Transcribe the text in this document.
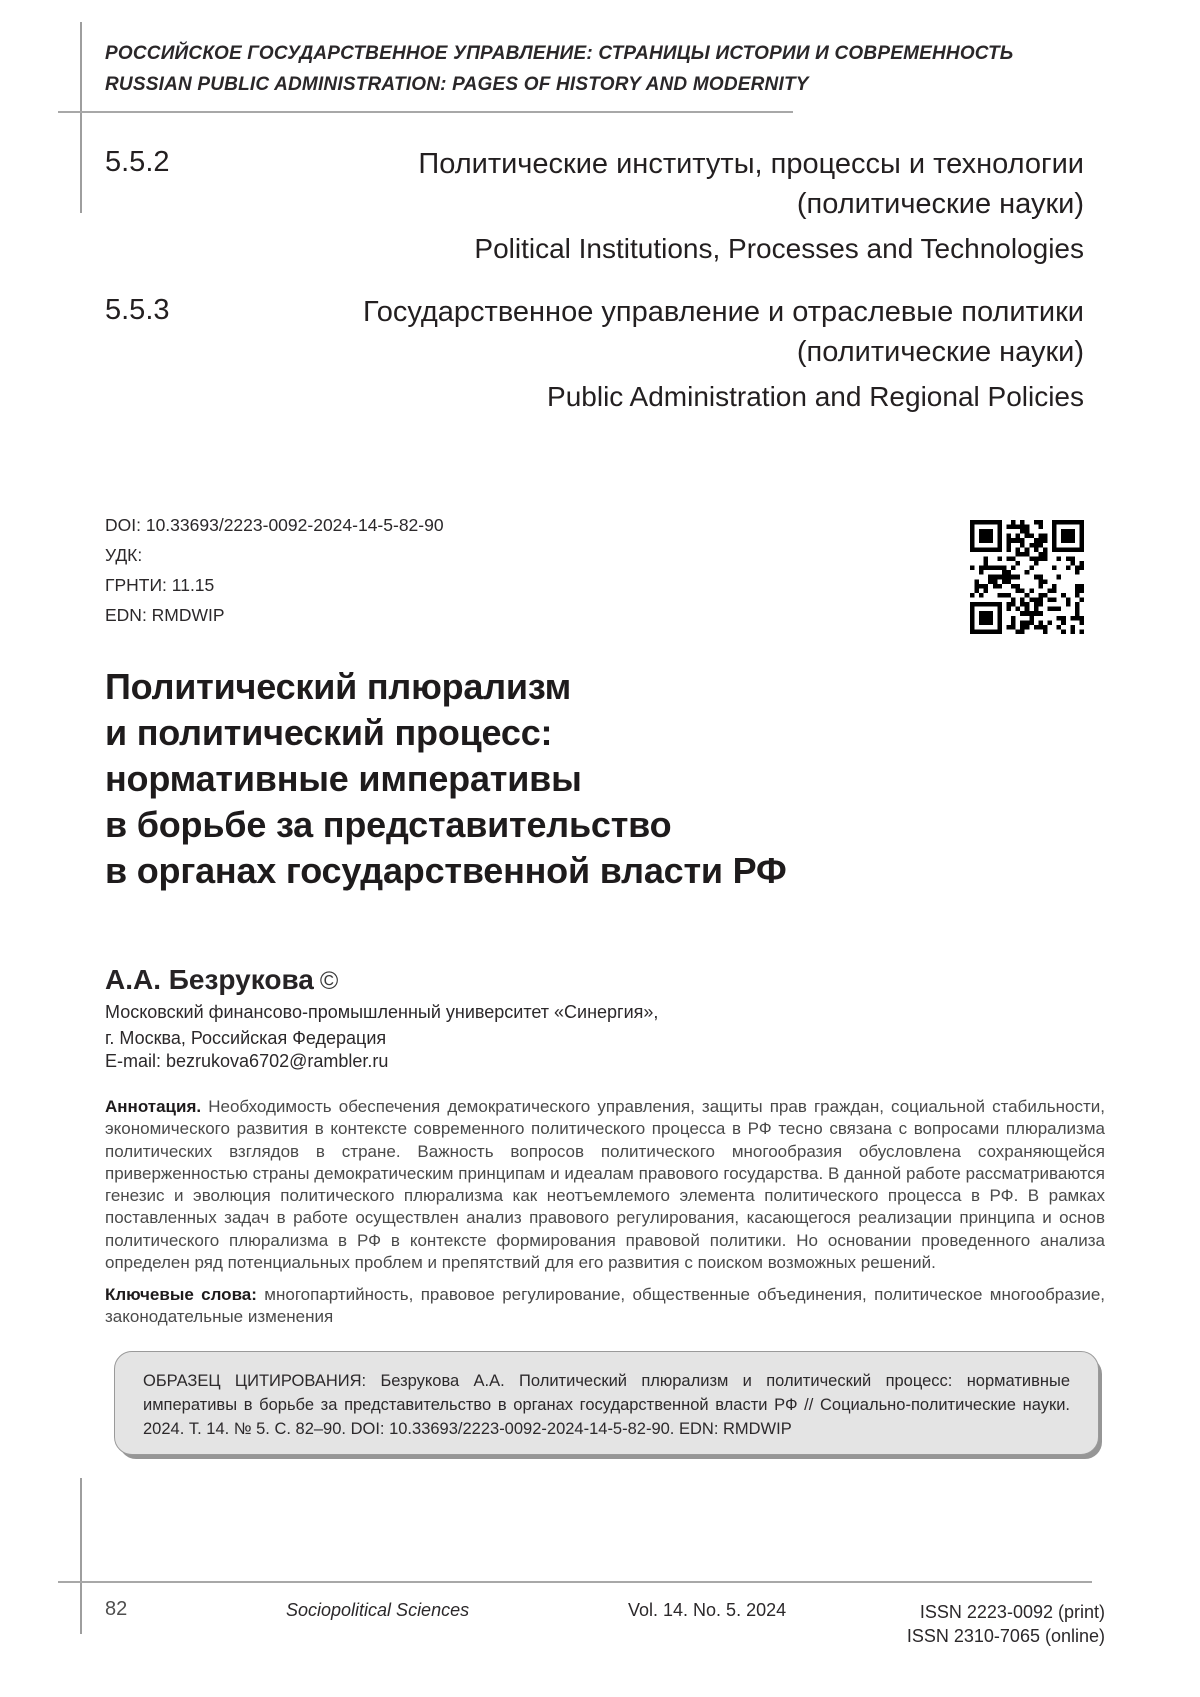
РОССИЙСКОЕ ГОСУДАРСТВЕННОЕ УПРАВЛЕНИЕ: СТРАНИЦЫ ИСТОРИИ И СОВРЕМЕННОСТЬ
RUSSIAN PUBLIC ADMINISTRATION: PAGES OF HISTORY AND MODERNITY
5.5.2	Политические институты, процессы и технологии
(политические науки)
Political Institutions, Processes and Technologies
5.5.3	Государственное управление и отраслевые политики
(политические науки)
Public Administration and Regional Policies
DOI: 10.33693/2223-0092-2024-14-5-82-90
УДК:
ГРНТИ: 11.15
EDN: RMDWIP
Политический плюрализм
и политический процесс:
нормативные императивы
в борьбе за представительство
в органах государственной власти РФ
А.А. Безрукова ©
Московский финансово-промышленный университет «Синергия»,
г. Москва, Российская Федерация
E-mail: bezrukova6702@rambler.ru
Аннотация. Необходимость обеспечения демократического управления, защиты прав граждан, социальной стабильности, экономического развития в контексте современного политического процесса в РФ тесно связана с вопросами плюрализма политических взглядов в стране. Важность вопросов политического многообразия обусловлена сохраняющейся приверженностью страны демократическим принципам и идеалам правового государства. В данной работе рассматриваются генезис и эволюция политического плюрализма как неотъемлемого элемента политического процесса в РФ. В рамках поставленных задач в работе осуществлен анализ правового регулирования, касающегося реализации принципа и основ политического плюрализма в РФ в контексте формирования правовой политики. Но основании проведенного анализа определен ряд потенциальных проблем и препятствий для его развития с поиском возможных решений.
Ключевые слова: многопартийность, правовое регулирование, общественные объединения, политическое многообразие, законодательные изменения
ОБРАЗЕЦ ЦИТИРОВАНИЯ: Безрукова А.А. Политический плюрализм и политический процесс: нормативные императивы в борьбе за представительство в органах государственной власти РФ // Социально-политические науки. 2024. Т. 14. № 5. С. 82–90. DOI: 10.33693/2223-0092-2024-14-5-82-90. EDN: RMDWIP
82	Sociopolitical Sciences	Vol. 14. No. 5. 2024	ISSN 2223-0092 (print)
ISSN 2310-7065 (online)
